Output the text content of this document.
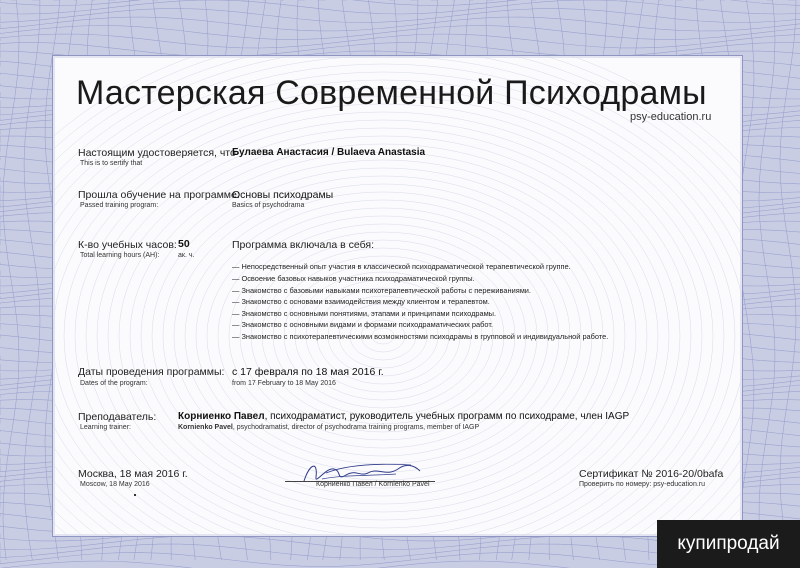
Мастерская Современной Психодрамы
psy-education.ru
Настоящим удостоверяется, что
This is to sertify that
Булаева Анастасия / Bulaeva Anastasia
Прошла обучение на программе:
Passed training program:
Основы психодрамы
Basics of psychodrama
К-во учебных часов:
Total learning hours (AH):
50
ак. ч.
Программа включала в себя:
— Непосредственный опыт участия в классической психодраматической терапевтической группе.
— Освоение базовых навыков участника психодраматической группы.
— Знакомство с базовыми навыками психотерапевтической работы с переживаниями.
— Знакомство с основами взаимодействия между клиентом и терапевтом.
— Знакомство с основными понятиями, этапами и принципами психодрамы.
— Знакомство с основными видами и формами психодраматических работ.
— Знакомство с психотерапевтическими возможностями психодрамы в групповой и индивидуальной работе.
Даты проведения программы:
Dates of the program:
с 17 февраля по 18 мая 2016 г.
from 17 February to 18 May 2016
Преподаватель:
Learning trainer:
Корниенко Павел, психодраматист, руководитель учебных программ по психодраме, член IAGP
Kornienko Pavel, psychodramatist, director of psychodrama training programs, member of IAGP
Москва, 18 мая 2016 г.
Moscow, 18 May 2016	Корниенко Павел / Kornienko Pavel
Сертификат № 2016-20/0bafa
Проверить по номеру: psy-education.ru
купипродай
